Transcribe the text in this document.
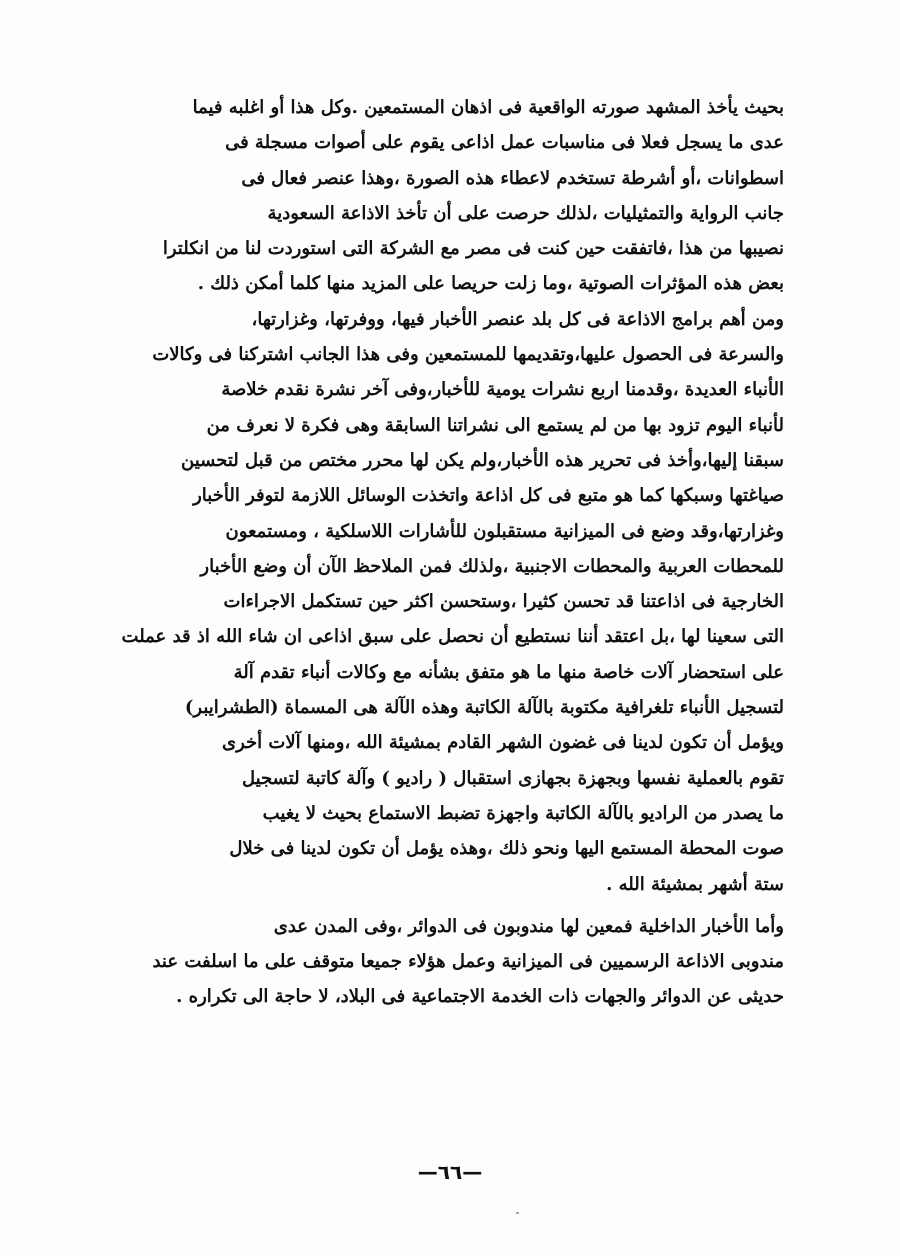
بحيث يأخذ المشهد صورته الواقعية فى اذهان المستمعين .وكل هذا أو اغلبه فيما
عدى ما يسجل فعلا فى مناسبات عمل اذاعى يقوم على أصوات مسجلة فى
اسطوانات ،أو أشرطة تستخدم لاعطاء هذه الصورة ،وهذا عنصر فعال فى
جانب الرواية والتمثيليات ،لذلك حرصت على أن تأخذ الاذاعة السعودية
نصيبها من هذا ،فاتفقت حين كنت فى مصر مع الشركة التى استوردت لنا من انكلترا
بعض هذه المؤثرات الصوتية ،وما زلت حريصا على المزيد منها كلما أمكن ذلك .
ومن أهم برامج الاذاعة فى كل بلد عنصر الأخبار فيها، ووفرتها، وغزارتها،
والسرعة فى الحصول عليها،وتقديمها للمستمعين وفى هذا الجانب اشتركنا فى وكالات
الأنباء العديدة ،وقدمنا اربع نشرات يومية للأخبار،وفى آخر نشرة نقدم خلاصة
لأنباء اليوم تزود بها من لم يستمع الى نشراتنا السابقة وهى فكرة لا نعرف من
سبقنا إليها،وأخذ فى تحرير هذه الأخبار،ولم يكن لها محرر مختص من قبل لتحسين
صياغتها وسبكها كما هو متبع فى كل اذاعة واتخذت الوسائل اللازمة لتوفر الأخبار
وغزارتها،وقد وضع فى الميزانية مستقبلون للأشارات اللاسلكية ، ومستمعون
للمحطات العربية والمحطات الاجنبية ،ولذلك فمن الملاحظ الآن أن وضع الأخبار
الخارجية فى اذاعتنا قد تحسن كثيرا ،وستحسن اكثر حين تستكمل الاجراءات
التى سعينا لها ،بل اعتقد أننا نستطيع أن نحصل على سبق اذاعى ان شاء الله اذ قد عملت
على استحضار آلات خاصة منها ما هو متفق بشأنه مع وكالات أنباء تقدم آلة
لتسجيل الأنباء تلغرافية مكتوبة بالآلة الكاتبة وهذه الآلة هى المسماة (الطشرايبر)
ويؤمل أن تكون لدينا فى غضون الشهر القادم بمشيئة الله ،ومنها آلات أخرى
تقوم بالعملية نفسها وبجهزة بجهازى استقبال ( راديو ) وآلة كاتبة لتسجيل
ما يصدر من الراديو بالآلة الكاتبة واجهزة تضبط الاستماع بحيث لا يغيب
صوت المحطة المستمع اليها ونحو ذلك ،وهذه يؤمل أن تكون لدينا فى خلال
ستة أشهر بمشيئة الله .
وأما الأخبار الداخلية فمعين لها مندوبون فى الدوائر ،وفى المدن عدى
مندوبى الاذاعة الرسميين فى الميزانية وعمل هؤلاء جميعا متوقف على ما اسلفت عند
حديثى عن الدوائر والجهات ذات الخدمة الاجتماعية فى البلاد، لا حاجة الى تكراره .
—٦٦—
